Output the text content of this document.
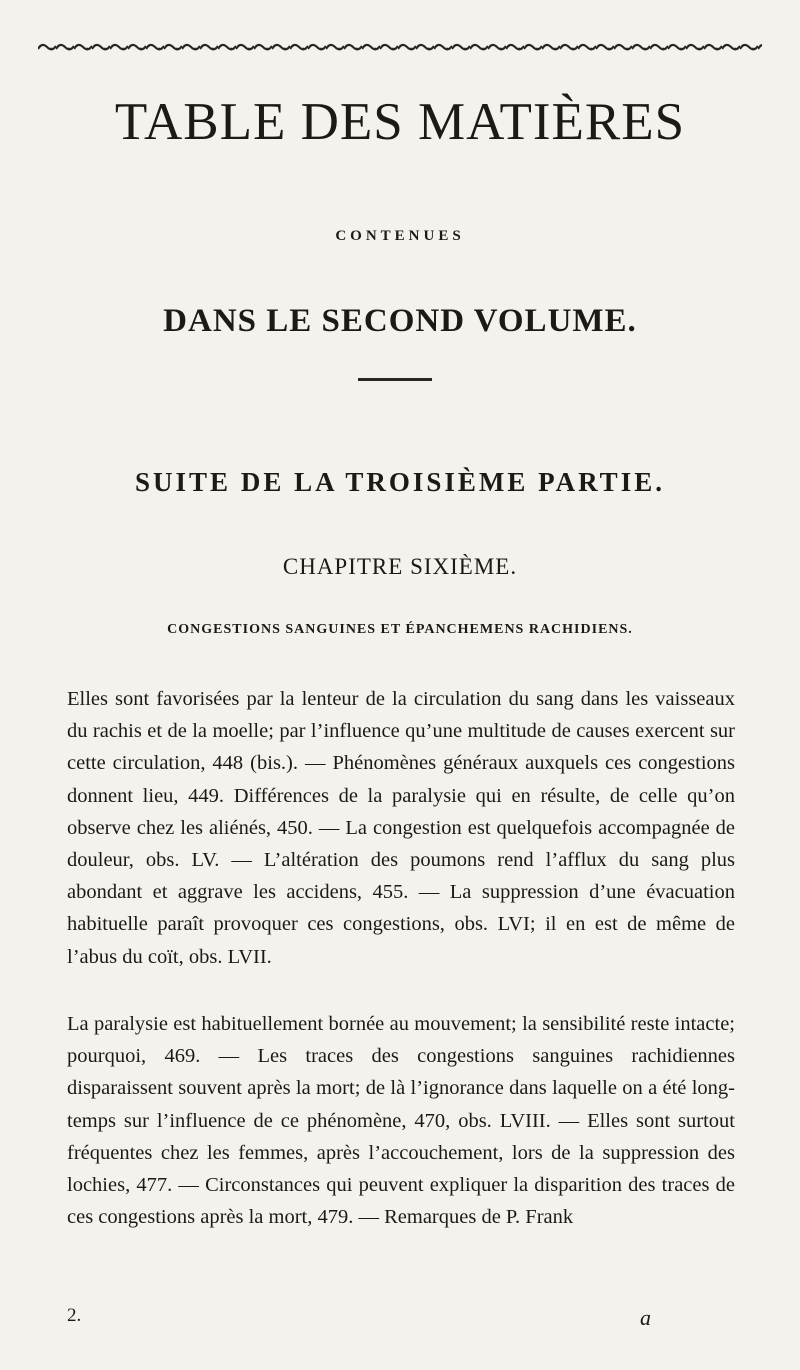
TABLE DES MATIÈRES
CONTENUES
DANS LE SECOND VOLUME.
SUITE DE LA TROISIÈME PARTIE.
CHAPITRE SIXIÈME.
CONGESTIONS SANGUINES ET ÉPANCHEMENS RACHIDIENS.

Elles sont favorisées par la lenteur de la circulation du sang dans les vaisseaux du rachis et de la moelle; par l’influence qu’une multitude de causes exercent sur cette circulation, 448 (bis.). — Phénomènes généraux auxquels ces congestions donnent lieu, 449. Différences de la paralysie qui en résulte, de celle qu’on observe chez les aliénés, 450. — La congestion est quelquefois accompagnée de douleur, obs. LV. — L’altération des poumons rend l’afflux du sang plus abondant et aggrave les accidens, 455. — La suppression d’une évacuation habituelle paraît provoquer ces congestions, obs. LVI; il en est de même de l’abus du coït, obs. LVII.

La paralysie est habituellement bornée au mouvement; la sensibilité reste intacte; pourquoi, 469. — Les traces des congestions sanguines rachidiennes disparaissent souvent après la mort; de là l’ignorance dans laquelle on a été long-temps sur l’influence de ce phénomène, 470, obs. LVIII. — Elles sont surtout fréquentes chez les femmes, après l’accouchement, lors de la suppression des lochies, 477. — Circonstances qui peuvent expliquer la disparition des traces de ces congestions après la mort, 479. — Remarques de P. Frank

2.	a
